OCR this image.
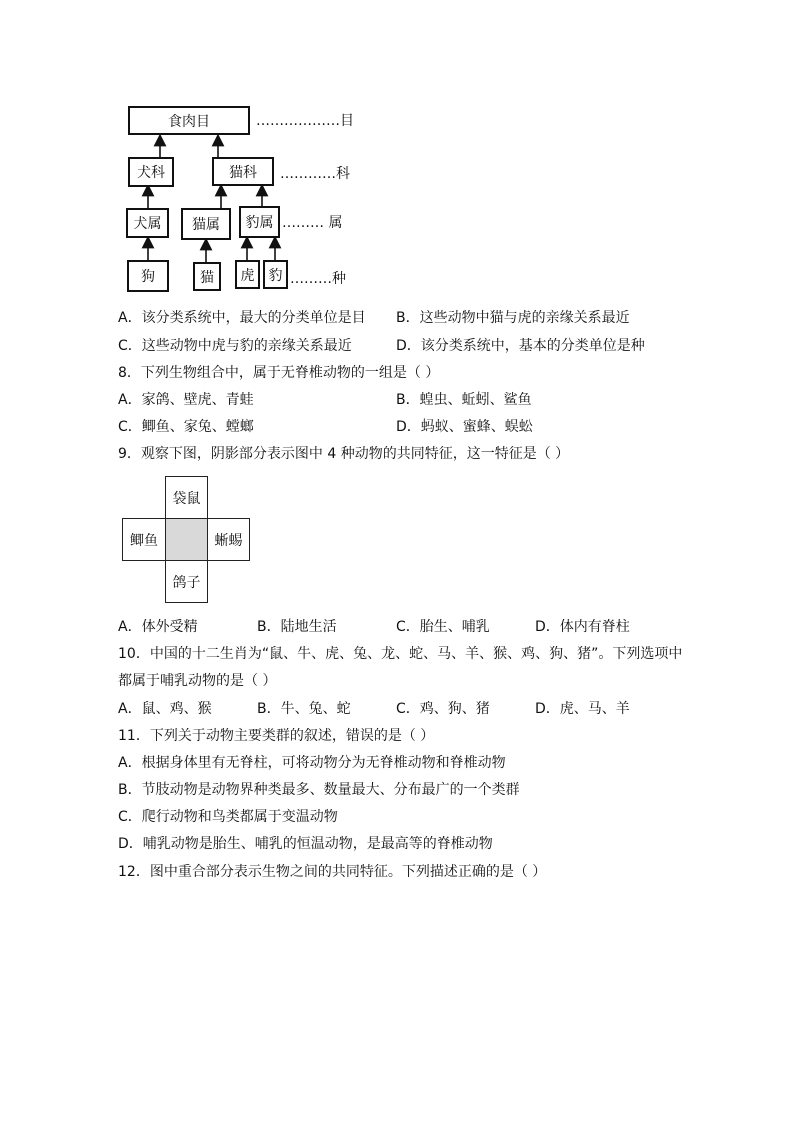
食肉目
犬科	猫科
犬属	猫属	豹属
狗	猫	虎	豹
………………目
…………科
……… 属
………种
A．该分类系统中，最大的分类单位是目 B．这些动物中猫与虎的亲缘关系最近
C．这些动物中虎与豹的亲缘关系最近	D．该分类系统中，基本的分类单位是种
8．下列生物组合中，属于无脊椎动物的一组是（ ）
A．家鸽、壁虎、青蛙	B．蝗虫、蚯蚓、鲨鱼
C．鲫鱼、家兔、螳螂	D．蚂蚁、蜜蜂、蜈蚣
9．观察下图，阴影部分表示图中 4 种动物的共同特征，这一特征是（ ）
袋鼠
鲫鱼	蜥蜴
鸽子
A．体外受精	B．陆地生活	C．胎生、哺乳	D．体内有脊柱
10．中国的十二生肖为“鼠、牛、虎、兔、龙、蛇、马、羊、猴、鸡、狗、猪”。下列选项中
都属于哺乳动物的是（ ）
A．鼠、鸡、猴	B．牛、兔、蛇	C．鸡、狗、猪	D．虎、马、羊
11．下列关于动物主要类群的叙述，错误的是（ ）
A．根据身体里有无脊柱，可将动物分为无脊椎动物和脊椎动物
B．节肢动物是动物界种类最多、数量最大、分布最广的一个类群
C．爬行动物和鸟类都属于变温动物
D．哺乳动物是胎生、哺乳的恒温动物，是最高等的脊椎动物
12．图中重合部分表示生物之间的共同特征。下列描述正确的是（ ）
